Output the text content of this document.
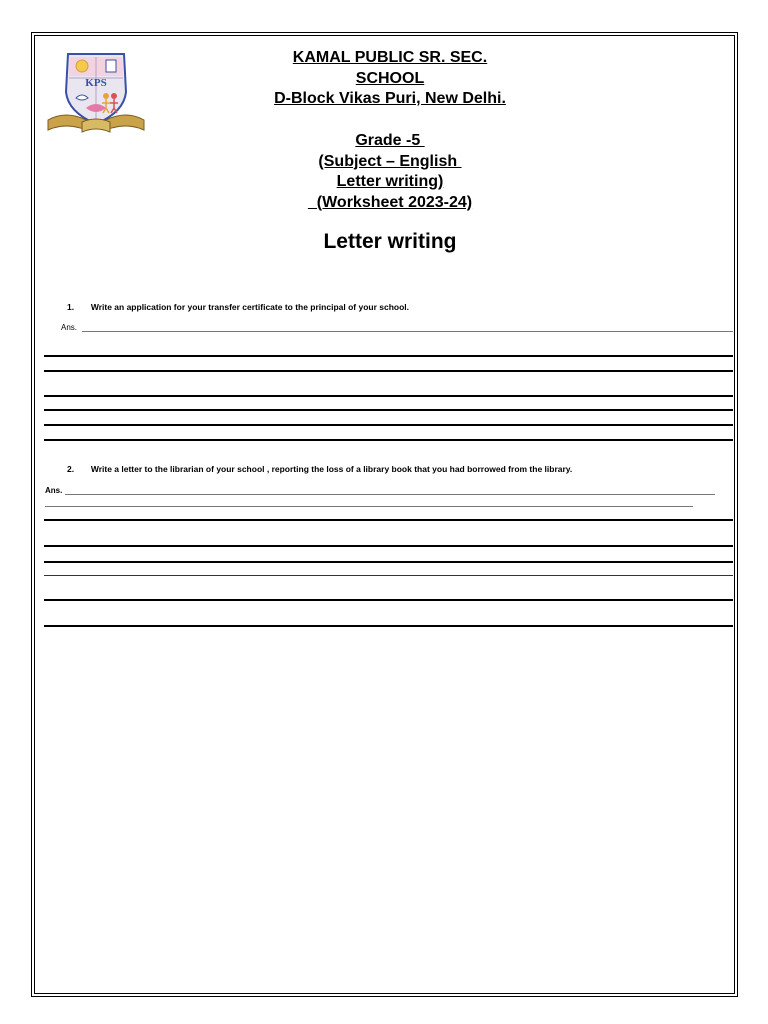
KPS
KAMAL PUBLIC SR. SEC.
SCHOOL
D-Block Vikas Puri, New Delhi.
Grade -5
(Subject – English
Letter writing)
(Worksheet 2023-24)
Letter writing
1. Write an application for your transfer certificate to the principal of your school.
Ans.
2. Write a letter to the librarian of your school , reporting the loss of a library book that you had borrowed from the library.
Ans.
